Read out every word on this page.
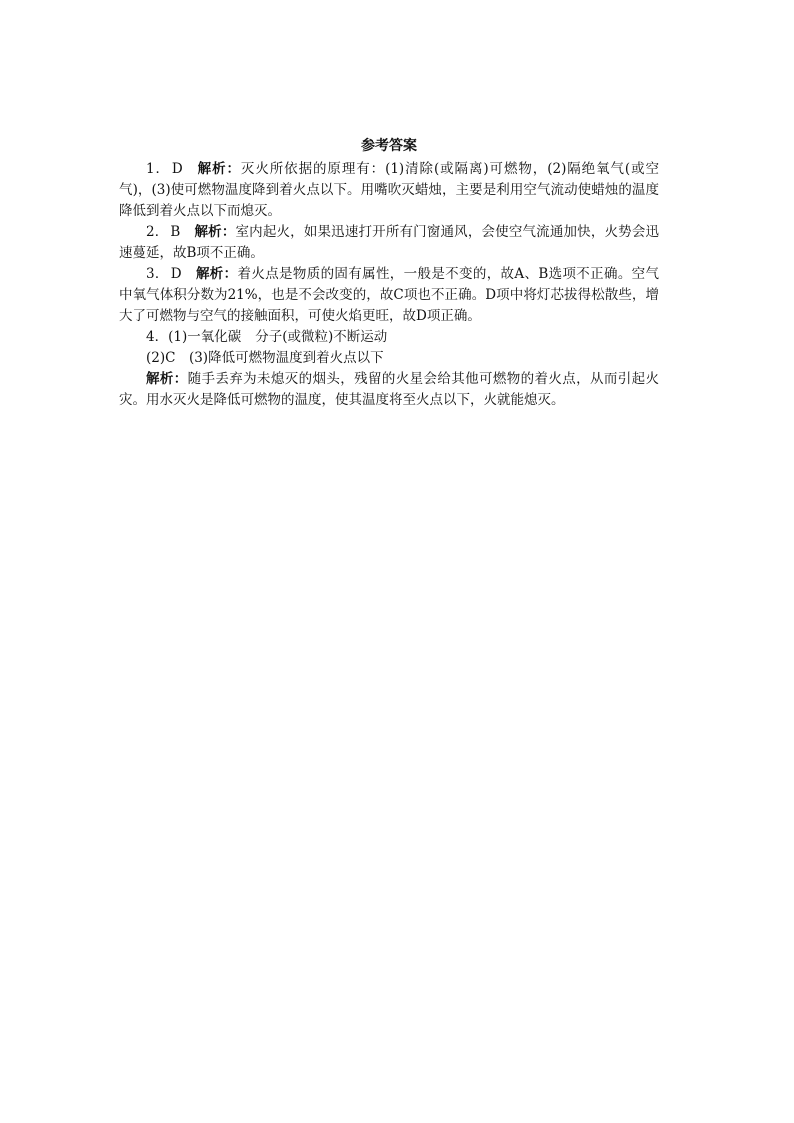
参考答案

1． D 解析：灭火所依据的原理有：(1)清除(或隔离)可燃物，(2)隔绝氧气(或空气)，(3)使可燃物温度降到着火点以下。用嘴吹灭蜡烛，主要是利用空气流动使蜡烛的温度降低到着火点以下而熄灭。

2． B 解析：室内起火，如果迅速打开所有门窗通风，会使空气流通加快，火势会迅速蔓延，故B项不正确。

3． D 解析：着火点是物质的固有属性，一般是不变的，故A、B选项不正确。空气中氧气体积分数为21%，也是不会改变的，故C项也不正确。D项中将灯芯拔得松散些，增大了可燃物与空气的接触面积，可使火焰更旺，故D项正确。

4．(1)一氧化碳 分子(或微粒)不断运动

(2)C　(3)降低可燃物温度到着火点以下

解析：随手丢弃为未熄灭的烟头，残留的火星会给其他可燃物的着火点，从而引起火灾。用水灭火是降低可燃物的温度，使其温度将至火点以下，火就能熄灭。
